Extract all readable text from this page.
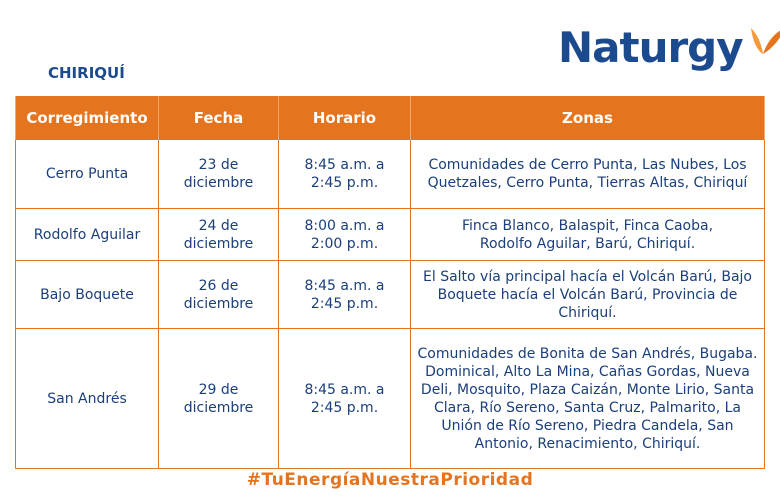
CHIRIQUÍ
Naturgy
Corregimiento	Fecha	Horario	Zonas
Cerro Punta	23 de diciembre	8:45 a.m. a 2:45 p.m.	Comunidades de Cerro Punta, Las Nubes, Los Quetzales, Cerro Punta, Tierras Altas, Chiriquí
Rodolfo Aguilar	24 de diciembre	8:00 a.m. a 2:00 p.m.	Finca Blanco, Balaspit, Finca Caoba, Rodolfo Aguilar, Barú, Chiriquí.
Bajo Boquete	26 de diciembre	8:45 a.m. a 2:45 p.m.	El Salto vía principal hacía el Volcán Barú, Bajo Boquete hacía el Volcán Barú, Provincia de Chiriquí.
San Andrés	29 de diciembre	8:45 a.m. a 2:45 p.m.	Comunidades de Bonita de San Andrés, Bugaba. Dominical, Alto La Mina, Cañas Gordas, Nueva Deli, Mosquito, Plaza Caizán, Monte Lirio, Santa Clara, Río Sereno, Santa Cruz, Palmarito, La Unión de Río Sereno, Piedra Candela, San Antonio, Renacimiento, Chiriquí.
#TuEnergíaNuestraPrioridad
